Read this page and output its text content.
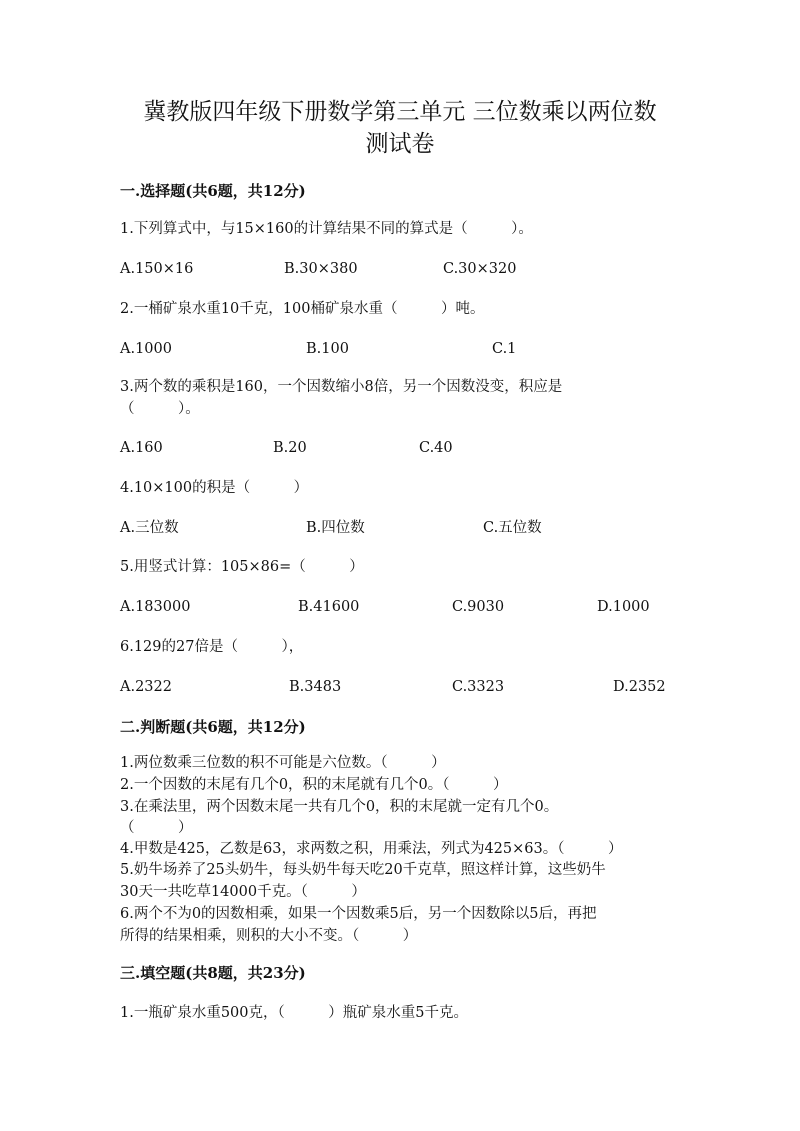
冀教版四年级下册数学第三单元 三位数乘以两位数
测试卷
一.选择题(共6题，共12分)
1.下列算式中，与15×160的计算结果不同的算式是（　　　）。
A.150×16	B.30×380	C.30×320
2.一桶矿泉水重10千克，100桶矿泉水重（　　　）吨。
A.1000	B.100	C.1
3.两个数的乘积是160，一个因数缩小8倍，另一个因数没变，积应是
（　　　）。
A.160	B.20	C.40
4.10×100的积是（　　　）
A.三位数	B.四位数	C.五位数
5.用竖式计算：105×86=（　　　）
A.183000	B.41600	C.9030	D.1000
6.129的27倍是（　　　），
A.2322	B.3483	C.3323	D.2352
二.判断题(共6题，共12分)
1.两位数乘三位数的积不可能是六位数。（　　　）
2.一个因数的末尾有几个0，积的末尾就有几个0。（　　　）
3.在乘法里，两个因数末尾一共有几个0，积的末尾就一定有几个0。
（　　　）
4.甲数是425，乙数是63，求两数之积，用乘法，列式为425×63。（　　　）
5.奶牛场养了25头奶牛，每头奶牛每天吃20千克草，照这样计算，这些奶牛
30天一共吃草14000千克。（　　　）
6.两个不为0的因数相乘，如果一个因数乘5后，另一个因数除以5后，再把
所得的结果相乘，则积的大小不变。（　　　）
三.填空题(共8题，共23分)
1.一瓶矿泉水重500克，（　　　）瓶矿泉水重5千克。
